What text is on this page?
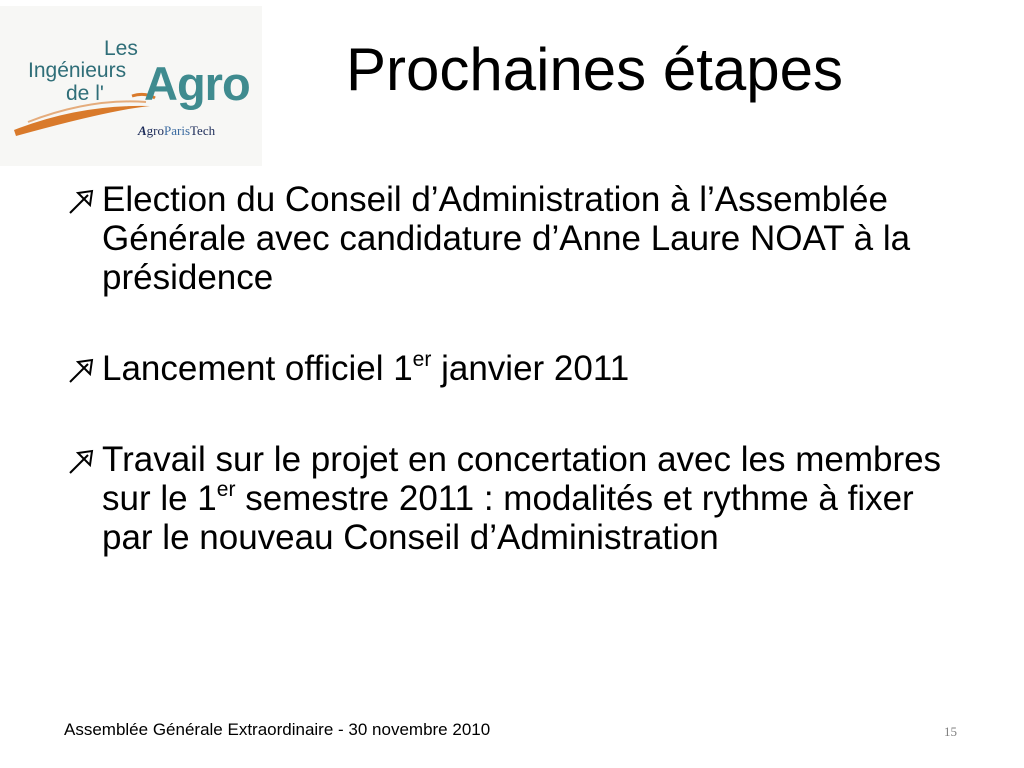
Les
Ingénieurs
de l' Agro
AgroParisTech
Prochaines étapes
Election du Conseil d’Administration à l’Assemblée Générale avec candidature d’Anne Laure NOAT à la présidence
Lancement officiel 1er janvier 2011
Travail sur le projet en concertation avec les membres sur le 1er semestre 2011 : modalités et rythme à fixer par le nouveau Conseil d’Administration
Assemblée Générale Extraordinaire - 30 novembre 2010	15
